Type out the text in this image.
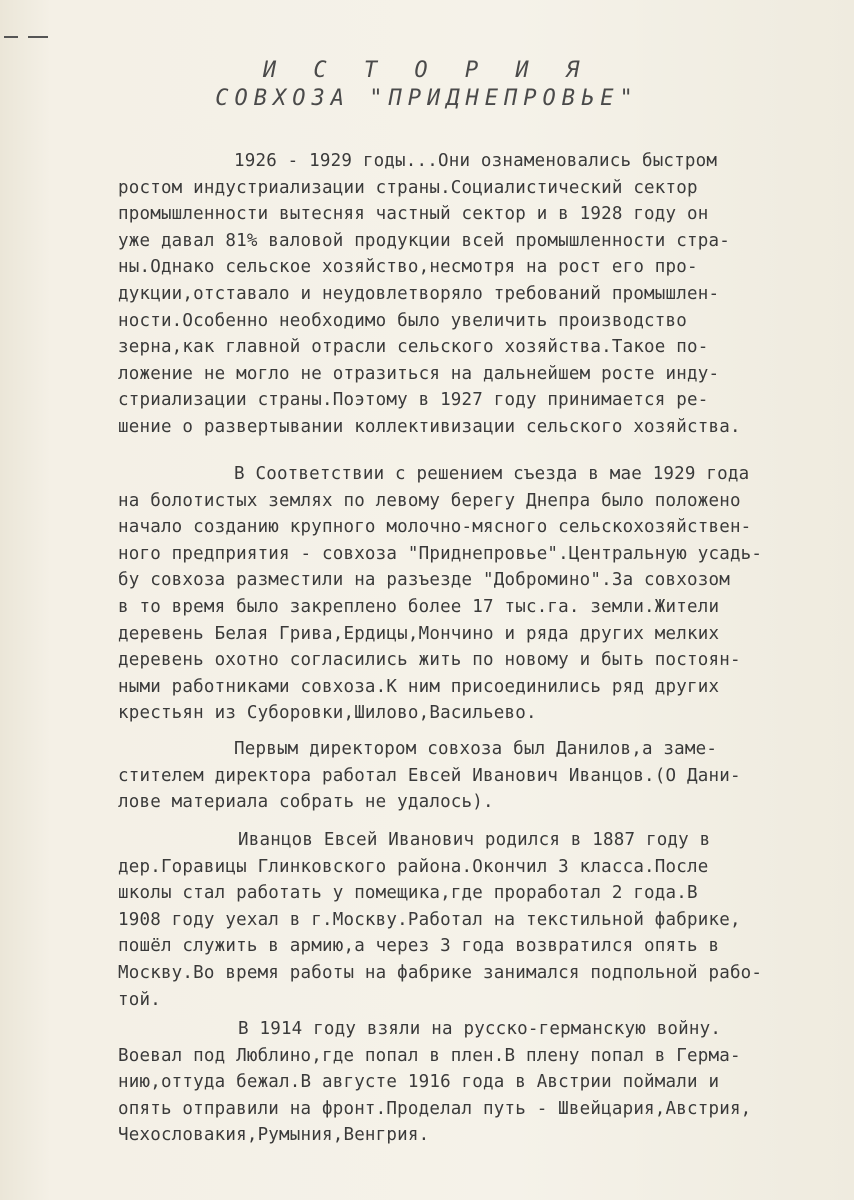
И С Т О Р И Я
СОВХОЗА "ПРИДНЕПРОВЬЕ"
1926 - 1929 годы...Они ознаменовались быстром
ростом индустриализации страны.Социалистический сектор
промышленности вытесняя частный сектор и в 1928 году он
уже давал 81% валовой продукции всей промышленности стра-
ны.Однако сельское хозяйство,несмотря на рост его про-
дукции,отставало и неудовлетворяло требований промышлен-
ности.Особенно необходимо было увеличить производство
зерна,как главной отрасли сельского хозяйства.Такое по-
ложение не могло не отразиться на дальнейшем росте инду-
стриализации страны.Поэтому в 1927 году принимается ре-
шение о развертывании коллективизации сельского хозяйства.
В Соответствии с решением съезда в мае 1929 года
на болотистых землях по левому берегу Днепра было положено
начало созданию крупного молочно-мясного сельскохозяйствен-
ного предприятия - совхоза "Приднепровье".Центральную усадь-
бу совхоза разместили на разъезде "Добромино".За совхозом
в то время было закреплено более 17 тыс.га. земли.Жители
деревень Белая Грива,Ердицы,Мончино и ряда других мелких
деревень охотно согласились жить по новому и быть постоян-
ными работниками совхоза.К ним присоединились ряд других
крестьян из Суборовки,Шилово,Васильево.
Первым директором совхоза был Данилов,а заме-
стителем директора работал Евсей Иванович Иванцов.(О Дани-
лове материала собрать не удалось).
Иванцов Евсей Иванович родился в 1887 году в
дер.Горавицы Глинковского района.Окончил 3 класса.После
школы стал работать у помещика,где проработал 2 года.В
1908 году уехал в г.Москву.Работал на текстильной фабрике,
пошёл служить в армию,а через 3 года возвратился опять в
Москву.Во время работы на фабрике занимался подпольной рабо-
той.
В 1914 году взяли на русско-германскую войну.
Воевал под Люблино,где попал в плен.В плену попал в Герма-
нию,оттуда бежал.В августе 1916 года в Австрии поймали и
опять отправили на фронт.Проделал путь - Швейцария,Австрия,
Чехословакия,Румыния,Венгрия.
